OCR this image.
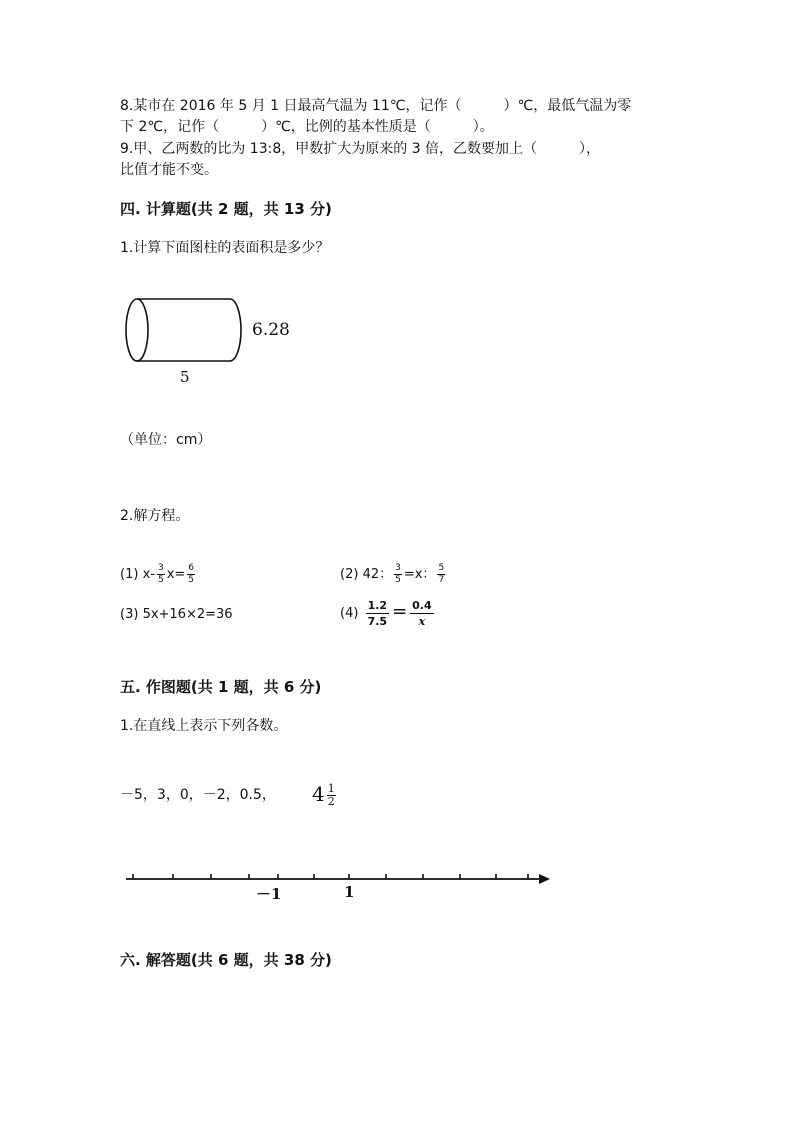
8.某市在 2016 年 5 月 1 日最高气温为 11℃，记作（　　　）℃，最低气温为零
下 2℃，记作（　　　）℃，比例的基本性质是（　　　）。
9.甲、乙两数的比为 13:8，甲数扩大为原来的 3 倍，乙数要加上（　　　），
比值才能不变。
四. 计算题(共 2 题，共 13 分)
1.计算下面图柱的表面积是多少？
6.28
5
（单位：cm）
2.解方程。
(1) $x- \frac{3}{5} x= \frac{6}{5}$	(2) 42： $\frac{3}{5} =x$： $\frac{5}{7}$
(3) 5x+16×2=36	$(4) \frac{1.2}{7.5} = \frac{0.4}{x}$
五. 作图题(共 1 题，共 6 分)
1.在直线上表示下列各数。
－5，3，0，－2，0.5， $4 \frac{1}{2}$
－1	1
六. 解答题(共 6 题，共 38 分)
